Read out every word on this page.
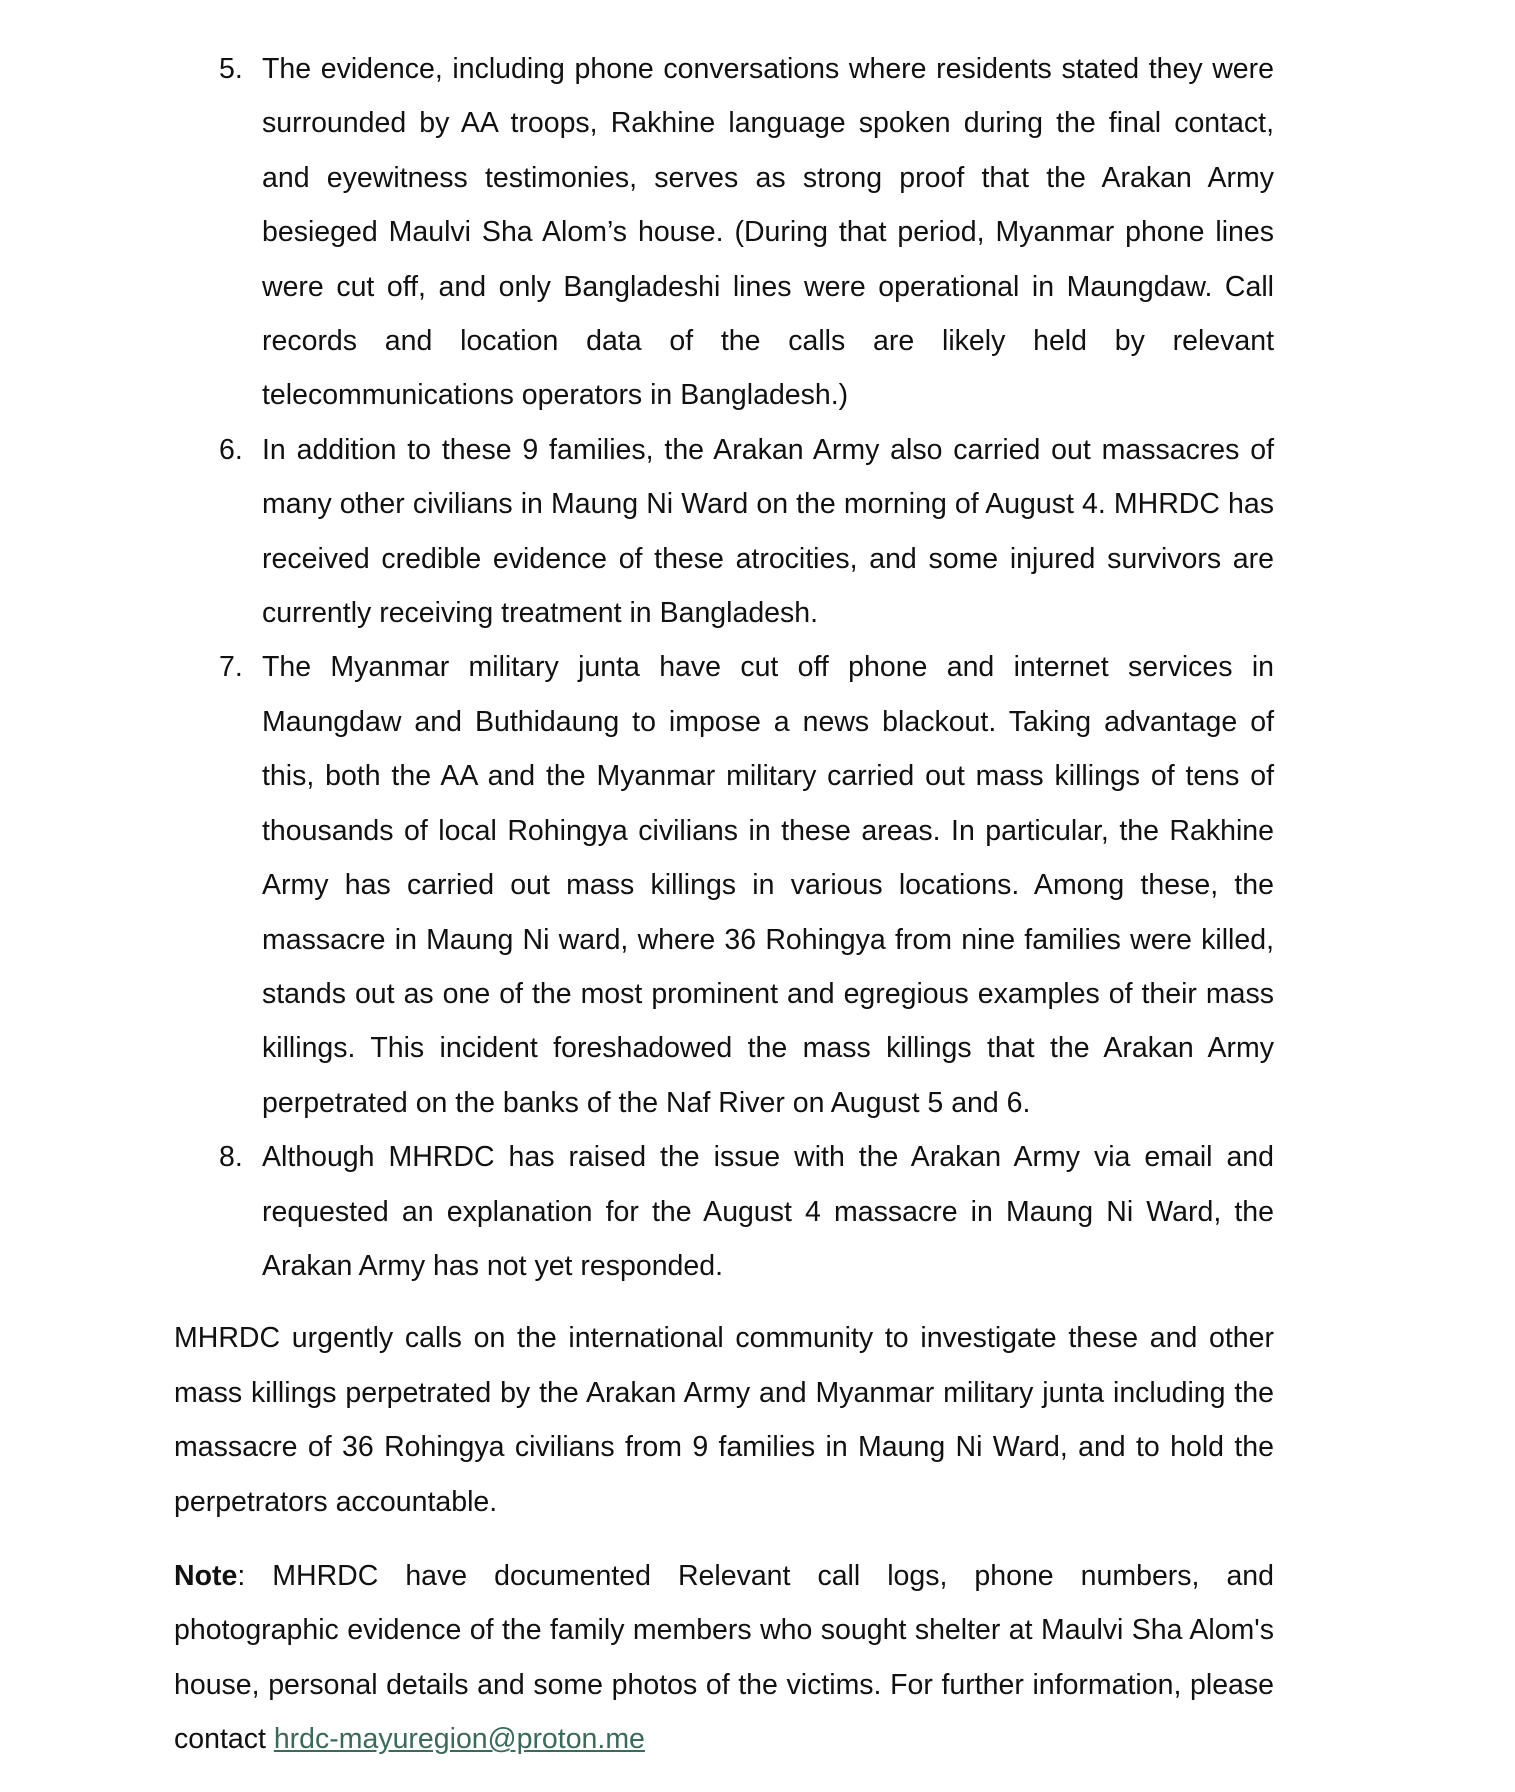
5. The evidence, including phone conversations where residents stated they were surrounded by AA troops, Rakhine language spoken during the final contact, and eyewitness testimonies, serves as strong proof that the Arakan Army besieged Maulvi Sha Alom’s house. (During that period, Myanmar phone lines were cut off, and only Bangladeshi lines were operational in Maungdaw. Call records and location data of the calls are likely held by relevant telecommunications operators in Bangladesh.)
6. In addition to these 9 families, the Arakan Army also carried out massacres of many other civilians in Maung Ni Ward on the morning of August 4. MHRDC has received credible evidence of these atrocities, and some injured survivors are currently receiving treatment in Bangladesh.
7. The Myanmar military junta have cut off phone and internet services in Maungdaw and Buthidaung to impose a news blackout. Taking advantage of this, both the AA and the Myanmar military carried out mass killings of tens of thousands of local Rohingya civilians in these areas. In particular, the Rakhine Army has carried out mass killings in various locations. Among these, the massacre in Maung Ni ward, where 36 Rohingya from nine families were killed, stands out as one of the most prominent and egregious examples of their mass killings. This incident foreshadowed the mass killings that the Arakan Army perpetrated on the banks of the Naf River on August 5 and 6.
8. Although MHRDC has raised the issue with the Arakan Army via email and requested an explanation for the August 4 massacre in Maung Ni Ward, the Arakan Army has not yet responded.

MHRDC urgently calls on the international community to investigate these and other mass killings perpetrated by the Arakan Army and Myanmar military junta including the massacre of 36 Rohingya civilians from 9 families in Maung Ni Ward, and to hold the perpetrators accountable.

Note: MHRDC have documented Relevant call logs, phone numbers, and photographic evidence of the family members who sought shelter at Maulvi Sha Alom's house, personal details and some photos of the victims. For further information, please contact hrdc-mayuregion@proton.me
